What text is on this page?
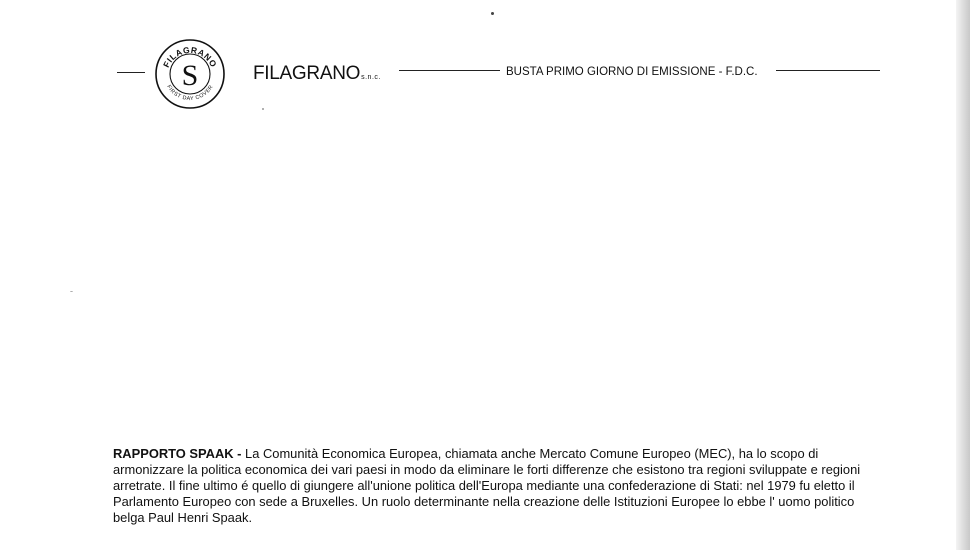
FILAGRANO
FIRST DAY COVER
S	FILAGRANOs.n.c.	BUSTA PRIMO GIORNO DI EMISSIONE - F.D.C.
RAPPORTO SPAAK - La Comunità Economica Europea, chiamata anche Mercato Comune Europeo (MEC), ha lo scopo di armonizzare la politica economica dei vari paesi in modo da eliminare le forti differenze che esistono tra regioni sviluppate e regioni arretrate. Il fine ultimo é quello di giungere all'unione politica dell'Europa mediante una confederazione di Stati: nel 1979 fu eletto il Parlamento Europeo con sede a Bruxelles. Un ruolo determinante nella creazione delle Istituzioni Europee lo ebbe l' uomo politico belga Paul Henri Spaak.
